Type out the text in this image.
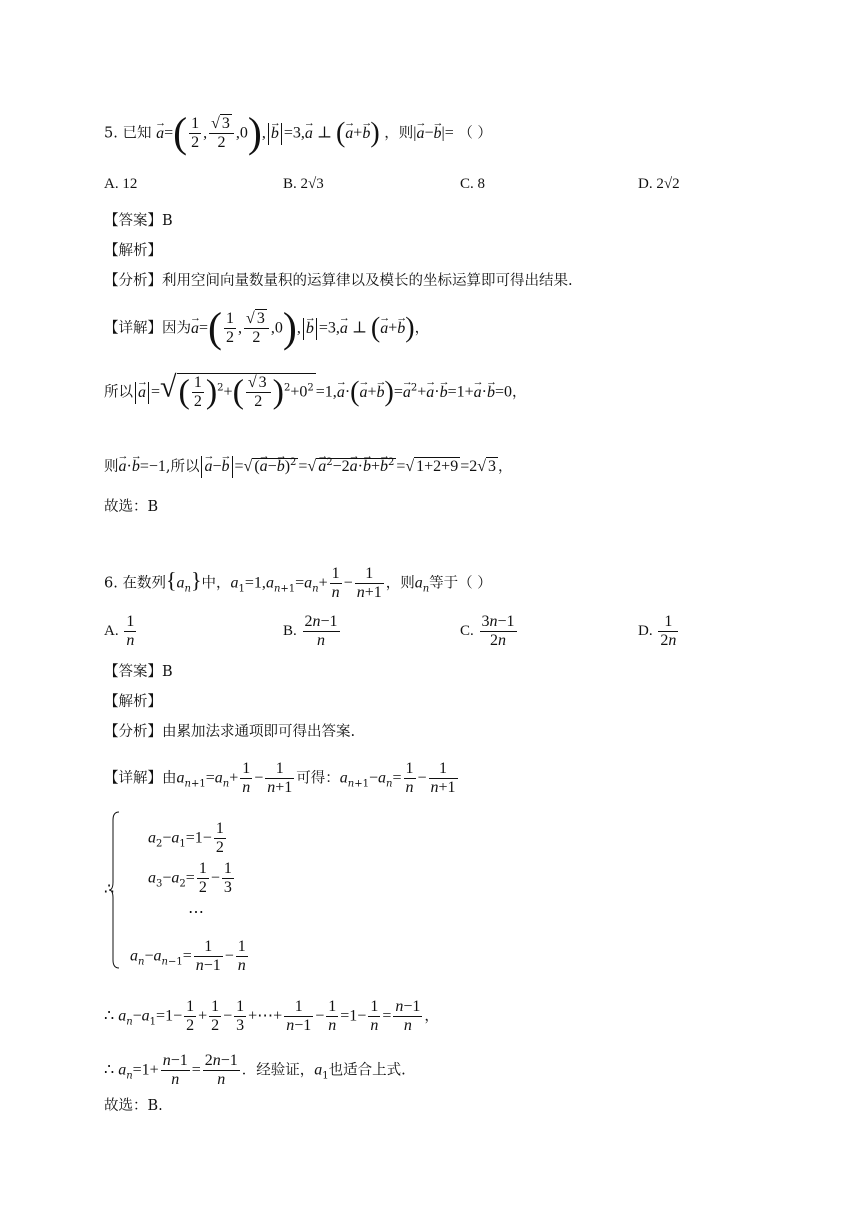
5. 已知 → $a=( \frac{1}{2}$ , $\frac{√ 3}{2} ,0),\to b =3,\to a$ ⊥ (→ a+→ b) ，则|→ a−→ b|= （ ）
A. 12	B. 2√3	C. 8	D. 2√2
【答案】B
【解析】
【分析】利用空间向量数量积的运算律以及模长的坐标运算即可得出结果.
【详解】因为→ $a=( \frac{1}{2}$ , $\frac{√ 3}{2} ,0),\to b =3,\to a$ ⊥ (→ a+→ b)，
所以→ a =√( $\frac{1}{2} )^2+( \frac{√ 3}{2} )^2+0^2 =1,\to a\cdot(\to a+\to b)=\to a^2+\to a\cdot\to b=1+\to a\cdot\to b=0$，
则→ a·→ b=−1,所以→ a−→ b =√ (→ a−→ b)$^2$ =√→ $a^2-2\to a\cdot\to b+\to b^2$ =√ 1+2+9 =2√ 3 ，
故选：B
6. 在数列$\{a_n\}$中，$a_1=1,a_{n+1}=a_n+ \frac{1}{n} - \frac{1}{n+1}$ ，则$a_n$等于（ ）
A. $\frac{1}{n}$	B. $\frac{2n-1}{n}$	C. $\frac{3n-1}{2n}$	D. $\frac{1}{2n}$
【答案】B
【解析】
【分析】由累加法求通项即可得出答案.
【详解】由$a_{n+1}=a_n+ \frac{1}{n} - \frac{1}{n+1}$ 可得：$a_{n+1}-a_n= \frac{1}{n} - \frac{1}{n+1}$
∴
$a_2-a_1=1- \frac{1}{2}$
$a_3-a_2= \frac{1}{2} - \frac{1}{3}$
⋯
$a_n-a_{n-1}= \frac{1}{n-1} - \frac{1}{n}$
∴ $a_n-a_1=1- \frac{1}{2} + \frac{1}{2} - \frac{1}{3}$ +⋯+ $\frac{1}{n-1} - \frac{1}{n} =1- \frac{1}{n} = \frac{n-1}{n}$ ，
∴ $a_n=1+ \frac{n-1}{n} = \frac{2n-1}{n}$ ．经验证，$a_1$也适合上式.
故选：B.
